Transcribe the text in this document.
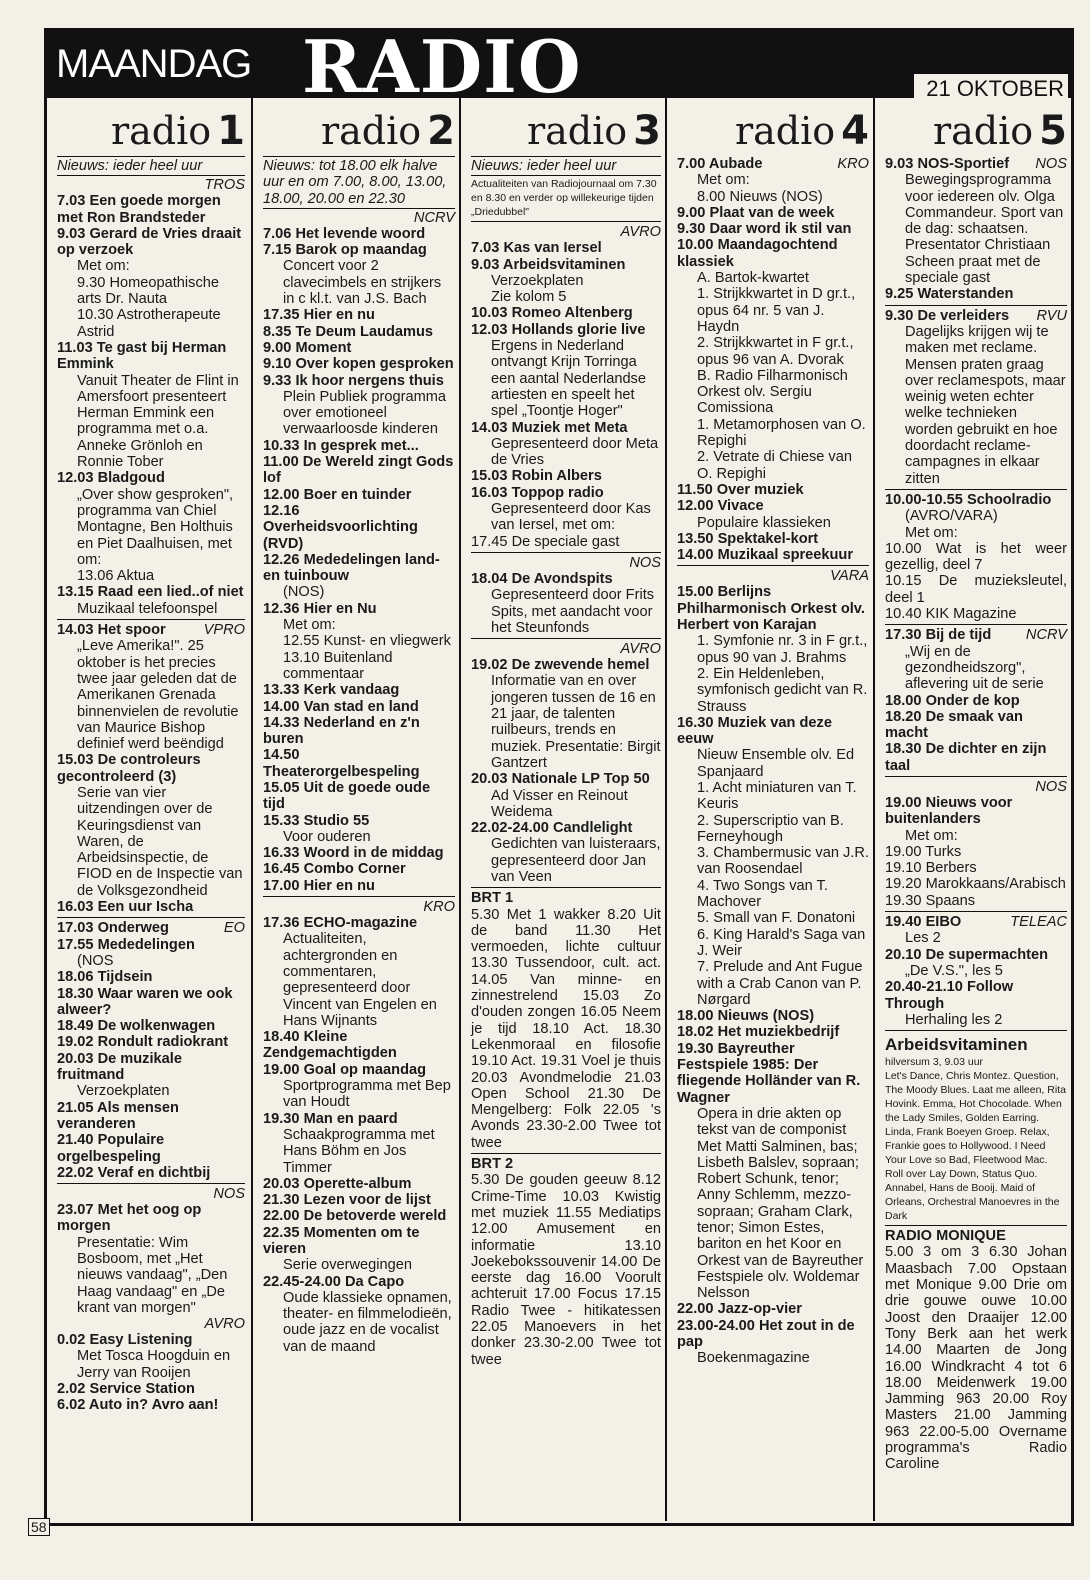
MAANDAG RADIO	21 OKTOBER
radio 1
Nieuws: ieder heel uur
TROS
7.03 Een goede morgen met Ron Brandsteder
9.03 Gerard de Vries draait op verzoek
Met om:
9.30 Homeopathische arts Dr. Nauta
10.30 Astrotherapeute Astrid
11.03 Te gast bij Herman Emmink
Vanuit Theater de Flint in Amersfoort presenteert Herman Emmink een programma met o.a. Anneke Grönloh en Ronnie Tober
12.03 Bladgoud
„Over show gesproken", programma van Chiel Montagne, Ben Holthuis en Piet Daalhuisen, met om:
13.06 Aktua
13.15 Raad een lied..of niet
Muzikaal telefoonspel
VPRO
14.03 Het spoor
„Leve Amerika!". 25 oktober is het precies twee jaar geleden dat de Amerikanen Grenada binnenvielen de revolutie van Maurice Bishop definief werd beëndigd
15.03 De controleurs gecontroleerd (3)
Serie van vier uitzendingen over de Keuringsdienst van Waren, de Arbeidsinspectie, de FIOD en de Inspectie van de Volksgezondheid
16.03 Een uur Ischa
EO
17.03 Onderweg
17.55 Mededelingen
(NOS
18.06 Tijdsein
18.30 Waar waren we ook alweer?
18.49 De wolkenwagen
19.02 Rondult radiokrant
20.03 De muzikale fruitmand
Verzoekplaten
21.05 Als mensen veranderen
21.40 Populaire orgelbespeling
22.02 Veraf en dichtbij
NOS
23.07 Met het oog op morgen
Presentatie: Wim Bosboom, met „Het nieuws vandaag", „Den Haag vandaag" en „De krant van morgen"
AVRO
0.02 Easy Listening
Met Tosca Hoogduin en Jerry van Rooijen
2.02 Service Station
6.02 Auto in? Avro aan!
radio 2
Nieuws: tot 18.00 elk halve uur en om 7.00, 8.00, 13.00, 18.00, 20.00 en 22.30
NCRV
7.06 Het levende woord
7.15 Barok op maandag
Concert voor 2 clavecimbels en strijkers in c kl.t. van J.S. Bach
17.35 Hier en nu
8.35 Te Deum Laudamus
9.00 Moment
9.10 Over kopen gesproken
9.33 Ik hoor nergens thuis
Plein Publiek programma over emotioneel verwaarloosde kinderen
10.33 In gesprek met...
11.00 De Wereld zingt Gods lof
12.00 Boer en tuinder
12.16 Overheidsvoorlichting (RVD)
12.26 Mededelingen land- en tuinbouw
(NOS)
12.36 Hier en Nu
Met om:
12.55 Kunst- en vliegwerk
13.10 Buitenland commentaar
13.33 Kerk vandaag
14.00 Van stad en land
14.33 Nederland en z'n buren
14.50 Theaterorgelbespeling
15.05 Uit de goede oude tijd
15.33 Studio 55
Voor ouderen
16.33 Woord in de middag
16.45 Combo Corner
17.00 Hier en nu
KRO
17.36 ECHO-magazine
Actualiteiten, achtergronden en commentaren, gepresenteerd door Vincent van Engelen en Hans Wijnants
18.40 Kleine Zendgemachtigden
19.00 Goal op maandag
Sportprogramma met Bep van Houdt
19.30 Man en paard
Schaakprogramma met Hans Böhm en Jos Timmer
20.03 Operette-album
21.30 Lezen voor de lijst
22.00 De betoverde wereld
22.35 Momenten om te vieren
Serie overwegingen
22.45-24.00 Da Capo
Oude klassieke opnamen, theater- en filmmelodieën, oude jazz en de vocalist van de maand
radio 3
Nieuws: ieder heel uur
Actualiteiten van Radiojournaal om 7.30 en 8.30 en verder op willekeurige tijden „Driedubbel"
AVRO
7.03 Kas van Iersel
9.03 Arbeidsvitaminen
Verzoekplaten
Zie kolom 5
10.03 Romeo Altenberg
12.03 Hollands glorie live
Ergens in Nederland ontvangt Krijn Torringa een aantal Nederlandse artiesten en speelt het spel „Toontje Hoger"
14.03 Muziek met Meta
Gepresenteerd door Meta de Vries
15.03 Robin Albers
16.03 Toppop radio
Gepresenteerd door Kas van Iersel, met om:
17.45 De speciale gast
NOS
18.04 De Avondspits
Gepresenteerd door Frits Spits, met aandacht voor het Steunfonds
AVRO
19.02 De zwevende hemel
Informatie van en over jongeren tussen de 16 en 21 jaar, de talenten ruilbeurs, trends en muziek. Presentatie: Birgit Gantzert
20.03 Nationale LP Top 50
Ad Visser en Reinout Weidema
22.02-24.00 Candlelight
Gedichten van luisteraars, gepresenteerd door Jan van Veen
BRT 1
5.30 Met 1 wakker 8.20 Uit de band 11.30 Het vermoeden, lichte cultuur 13.30 Tussendoor, cult. act. 14.05 Van minne- en zinnestrelend 15.03 Zo d'ouden zongen 16.05 Neem je tijd 18.10 Act. 18.30 Lekenmoraal en filosofie 19.10 Act. 19.31 Voel je thuis 20.03 Avondmelodie 21.03 Open School 21.30 De Mengelberg: Folk 22.05 's Avonds 23.30-2.00 Twee tot twee
BRT 2
5.30 De gouden geeuw 8.12 Crime-Time 10.03 Kwistig met muziek 11.55 Mediatips 12.00 Amusement en informatie 13.10 Joekebokssouvenir 14.00 De eerste dag 16.00 Voorult achteruit 17.00 Focus 17.15 Radio Twee - hitikatessen 22.05 Manoevers in het donker 23.30-2.00 Twee tot twee
radio 4
KRO
7.00 Aubade
Met om:
8.00 Nieuws (NOS)
9.00 Plaat van de week
9.30 Daar word ik stil van
10.00 Maandagochtend klassiek
A. Bartok-kwartet
1. Strijkkwartet in D gr.t., opus 64 nr. 5 van J. Haydn
2. Strijkkwartet in F gr.t., opus 96 van A. Dvorak
B. Radio Filharmonisch Orkest olv. Sergiu Comissiona
1. Metamorphosen van O. Repighi
2. Vetrate di Chiese van O. Repighi
11.50 Over muziek
12.00 Vivace
Populaire klassieken
13.50 Spektakel-kort
14.00 Muzikaal spreekuur
VARA
15.00 Berlijns Philharmonisch Orkest olv. Herbert von Karajan
1. Symfonie nr. 3 in F gr.t., opus 90 van J. Brahms
2. Ein Heldenleben, symfonisch gedicht van R. Strauss
16.30 Muziek van deze eeuw
Nieuw Ensemble olv. Ed Spanjaard
1. Acht miniaturen van T. Keuris
2. Superscriptio van B. Ferneyhough
3. Chambermusic van J.R. van Roosendael
4. Two Songs van T. Machover
5. Small van F. Donatoni
6. King Harald's Saga van J. Weir
7. Prelude and Ant Fugue with a Crab Canon van P. Nørgard
18.00 Nieuws (NOS)
18.02 Het muziekbedrijf
19.30 Bayreuther Festspiele 1985: Der fliegende Holländer van R. Wagner
Opera in drie akten op tekst van de componist Met Matti Salminen, bas; Lisbeth Balslev, sopraan; Robert Schunk, tenor; Anny Schlemm, mezzo-sopraan; Graham Clark, tenor; Simon Estes, bariton en het Koor en Orkest van de Bayreuther Festspiele olv. Woldemar Nelsson
22.00 Jazz-op-vier
23.00-24.00 Het zout in de pap
Boekenmagazine
radio 5
NOS
9.03 NOS-Sportief
Bewegingsprogramma voor iedereen olv. Olga Commandeur. Sport van de dag: schaatsen. Presentator Christiaan Scheen praat met de speciale gast
9.25 Waterstanden
RVU
9.30 De verleiders
Dagelijks krijgen wij te maken met reclame. Mensen praten graag over reclamespots, maar weinig weten echter welke technieken worden gebruikt en hoe doordacht reclame-campagnes in elkaar zitten
10.00-10.55 Schoolradio
(AVRO/VARA)
Met om:
10.00 Wat is het weer gezellig, deel 7
10.15 De muzieksleutel, deel 1
10.40 KIK Magazine
NCRV
17.30 Bij de tijd
„Wij en de gezondheidszorg", aflevering uit de serie
18.00 Onder de kop
18.20 De smaak van macht
18.30 De dichter en zijn taal
NOS
19.00 Nieuws voor buitenlanders
Met om:
19.00 Turks
19.10 Berbers
19.20 Marokkaans/Arabisch
19.30 Spaans
TELEAC
19.40 EIBO
Les 2
20.10 De supermachten
„De V.S.", les 5
20.40-21.10 Follow Through
Herhaling les 2
Arbeidsvitaminen
hilversum 3, 9.03 uur
Let's Dance, Chris Montez. Question, The Moody Blues. Laat me alleen, Rita Hovink. Emma, Hot Chocolade. When the Lady Smiles, Golden Earring. Linda, Frank Boeyen Groep. Relax, Frankie goes to Hollywood. I Need Your Love so Bad, Fleetwood Mac. Roll over Lay Down, Status Quo. Annabel, Hans de Booij. Maid of Orleans, Orchestral Manoevres in the Dark
RADIO MONIQUE
5.00 3 om 3 6.30 Johan Maasbach 7.00 Opstaan met Monique 9.00 Drie om drie gouwe ouwe 10.00 Joost den Draaijer 12.00 Tony Berk aan het werk 14.00 Maarten de Jong 16.00 Windkracht 4 tot 6 18.00 Meidenwerk 19.00 Jamming 963 20.00 Roy Masters 21.00 Jamming 963 22.00-5.00 Overname programma's Radio Caroline
58
